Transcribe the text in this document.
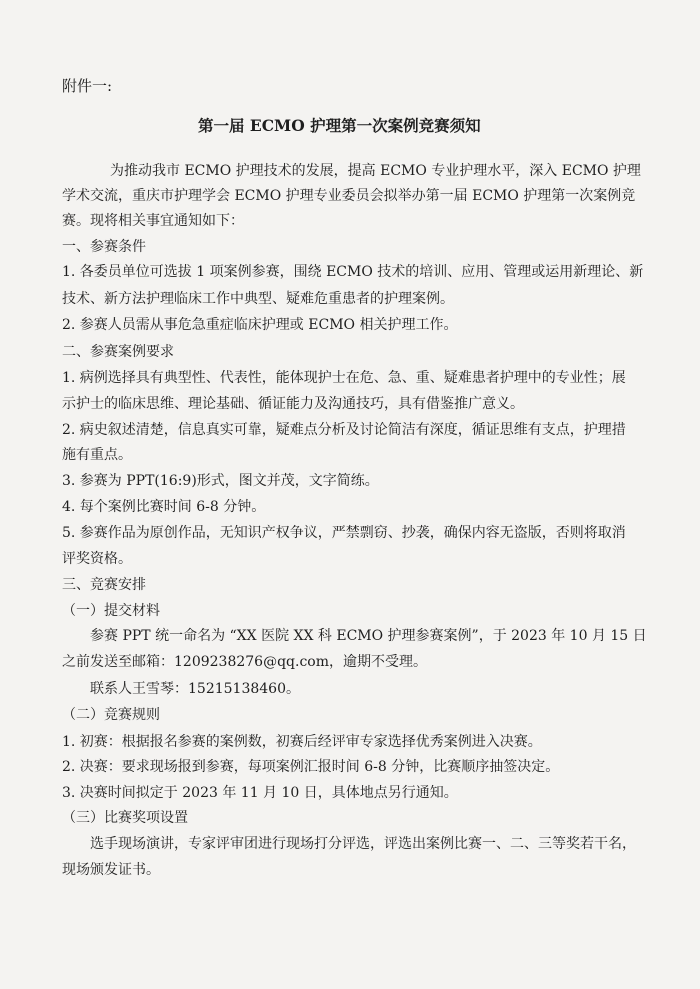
附件一:
第一届 ECMO 护理第一次案例竞赛须知
为推动我市 ECMO 护理技术的发展，提高 ECMO 专业护理水平，深入 ECMO 护理
学术交流，重庆市护理学会 ECMO 护理专业委员会拟举办第一届 ECMO 护理第一次案例竞
赛。现将相关事宜通知如下：
一、参赛条件
1. 各委员单位可选拔 1 项案例参赛，围绕 ECMO 技术的培训、应用、管理或运用新理论、新
技术、新方法护理临床工作中典型、疑难危重患者的护理案例。
2. 参赛人员需从事危急重症临床护理或 ECMO 相关护理工作。
二、参赛案例要求
1. 病例选择具有典型性、代表性，能体现护士在危、急、重、疑难患者护理中的专业性；展
示护士的临床思维、理论基础、循证能力及沟通技巧，具有借鉴推广意义。
2. 病史叙述清楚，信息真实可靠，疑难点分析及讨论简洁有深度，循证思维有支点，护理措
施有重点。
3. 参赛为 PPT(16:9)形式，图文并茂，文字简练。
4. 每个案例比赛时间 6-8 分钟。
5. 参赛作品为原创作品，无知识产权争议，严禁剽窃、抄袭，确保内容无盗版，否则将取消
评奖资格。
三、竞赛安排
（一）提交材料
参赛 PPT 统一命名为 “XX 医院 XX 科 ECMO 护理参赛案例”，于 2023 年 10 月 15 日
之前发送至邮箱：1209238276@qq.com，逾期不受理。
联系人王雪琴：15215138460。
（二）竞赛规则
1. 初赛：根据报名参赛的案例数，初赛后经评审专家选择优秀案例进入决赛。
2. 决赛：要求现场报到参赛，每项案例汇报时间 6-8 分钟，比赛顺序抽签决定。
3. 决赛时间拟定于 2023 年 11 月 10 日，具体地点另行通知。
（三）比赛奖项设置
选手现场演讲，专家评审团进行现场打分评选，评选出案例比赛一、二、三等奖若干名，
现场颁发证书。
